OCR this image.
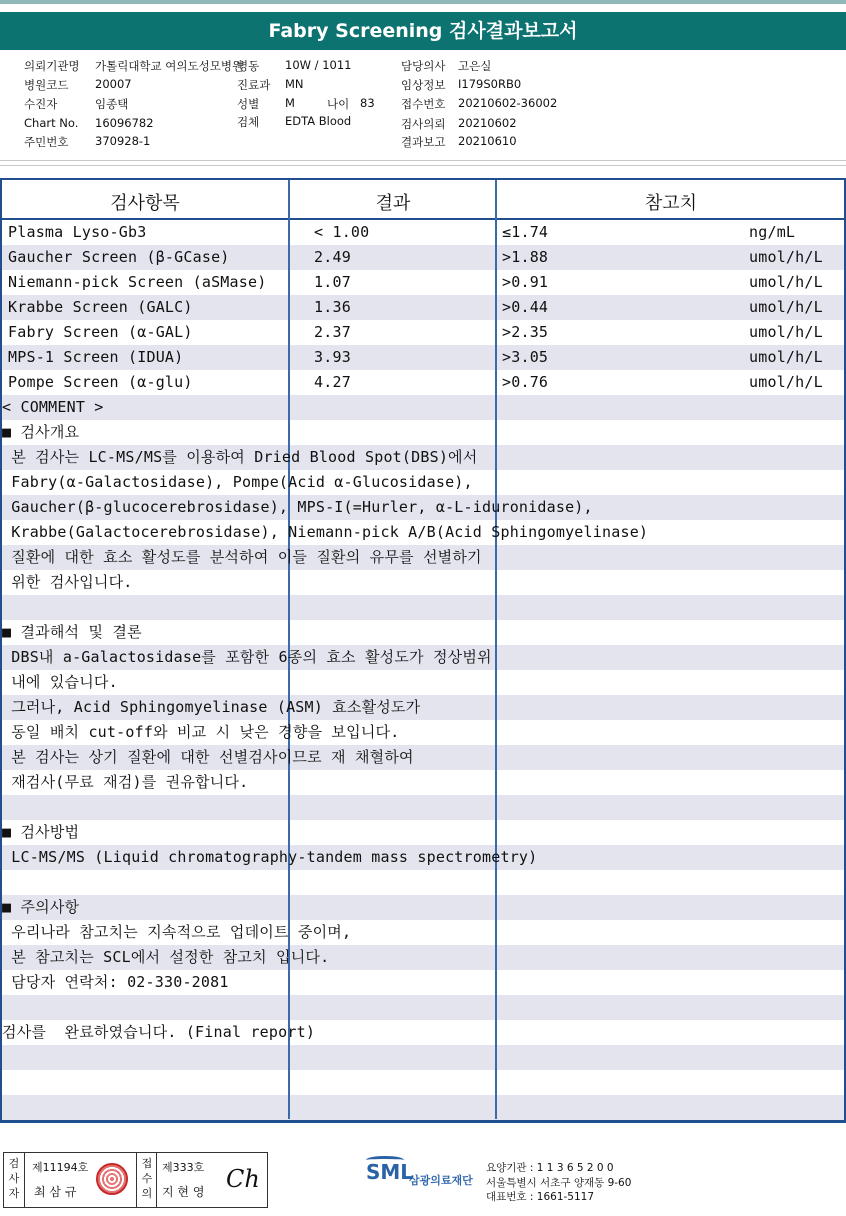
Fabry Screening 검사결과보고서
의뢰기관명 가톨릭대학교 여의도성모병원
병원코드 20007
수진자	임종택
Chart No. 16096782
주민번호 370928-1
병동 10W / 1011
진료과 MN
성별 M
검체 EDTA Blood
담당의사 고은실
임상정보 I179S0RB0
접수번호 20210602-36002
검사의뢰 20210602
결과보고 20210610
나이 83
검사항목	결과	참고치
Plasma Lyso-Gb3	< 1.00	≤1.74	ng/mL
Gaucher Screen (β-GCase)	2.49	>1.88	umol/h/L
Niemann-pick Screen (aSMase)	1.07	>0.91	umol/h/L
Krabbe Screen (GALC)	1.36	>0.44	umol/h/L
Fabry Screen (α-GAL)	2.37	>2.35	umol/h/L
MPS-1 Screen (IDUA)	3.93	>3.05	umol/h/L
Pompe Screen (α-glu)	4.27	>0.76	umol/h/L
< COMMENT >
■ 검사개요
본 검사는 LC-MS/MS를 이용하여 Dried Blood Spot(DBS)에서
Fabry(α-Galactosidase), Pompe(Acid α-Glucosidase),
Gaucher(β-glucocerebrosidase), MPS-I(=Hurler, α-L-iduronidase),
Krabbe(Galactocerebrosidase), Niemann-pick A/B(Acid Sphingomyelinase)
질환에 대한 효소 활성도를 분석하여 이들 질환의 유무를 선별하기
위한 검사입니다.
■ 결과해석 및 결론
DBS내 a-Galactosidase를 포함한 6종의 효소 활성도가 정상범위
내에 있습니다.
그러나, Acid Sphingomyelinase (ASM) 효소활성도가
동일 배치 cut-off와 비교 시 낮은 경향을 보입니다.
본 검사는 상기 질환에 대한 선별검사이므로 재 채혈하여
재검사(무료 재검)를 권유합니다.
■ 검사방법
LC-MS/MS (Liquid chromatography-tandem mass spectrometry)
■ 주의사항
우리나라 참고치는 지속적으로 업데이트 중이며,
본 참고치는 SCL에서 설정한 참고치 입니다.
담당자 연락처: 02-330-2081
검사를  완료하였습니다. (Final report)
검사자
제11194호
최 삼 규
접수의
제333호
지 현 영 Ch	SML
삼광의료재단
요양기관 : 1 1 3 6 5 2 0 0
서울특별시 서초구 양재동 9-60
대표번호 : 1661-5117
